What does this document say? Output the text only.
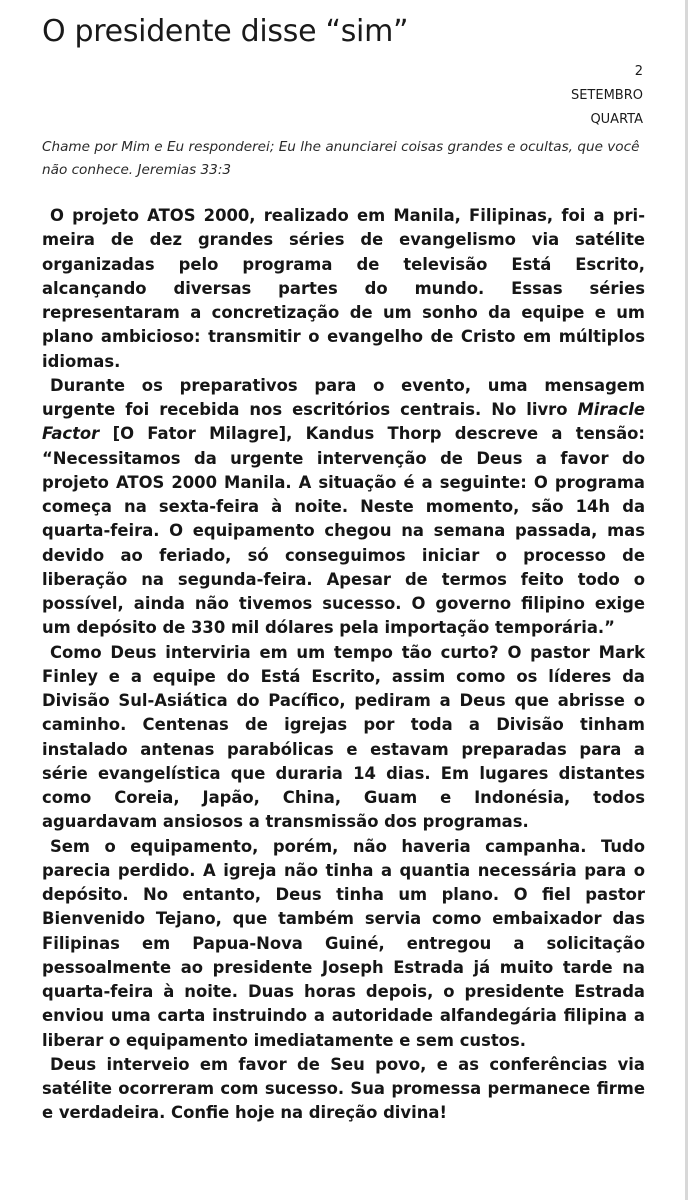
O presidente disse “sim”
2
SETEMBRO
QUARTA

Chame por Mim e Eu responderei; Eu lhe anunciarei coisas grandes e ocultas, que você não conhece. Jeremias 33:3

O projeto ATOS 2000, realizado em Manila, Filipinas, foi a primeira de dez grandes séries de evangelismo via satélite organizadas pelo programa de televisão Está Escrito, alcançando diversas partes do mundo. Essas séries representaram a concretização de um sonho da equipe e um plano ambicioso: transmitir o evangelho de Cristo em múltiplos idiomas.

Durante os preparativos para o evento, uma mensagem urgente foi recebida nos escritórios centrais. No livro Miracle Factor [O Fator Milagre], Kandus Thorp descreve a tensão: “Necessitamos da urgente intervenção de Deus a favor do projeto ATOS 2000 Manila. A situação é a seguinte: O programa começa na sexta-feira à noite. Neste momento, são 14h da quarta-feira. O equipamento chegou na semana passada, mas devido ao feriado, só conseguimos iniciar o processo de liberação na segunda-feira. Apesar de termos feito todo o possível, ainda não tivemos sucesso. O governo filipino exige um depósito de 330 mil dólares pela importação temporária.”

Como Deus interviria em um tempo tão curto? O pastor Mark Finley e a equipe do Está Escrito, assim como os líderes da Divisão Sul-Asiática do Pacífico, pediram a Deus que abrisse o caminho. Centenas de igrejas por toda a Divisão tinham instalado antenas parabólicas e estavam preparadas para a série evangelística que duraria 14 dias. Em lugares distantes como Coreia, Japão, China, Guam e Indonésia, todos aguardavam ansiosos a transmissão dos programas.

Sem o equipamento, porém, não haveria campanha. Tudo parecia perdido. A igreja não tinha a quantia necessária para o depósito. No entanto, Deus tinha um plano. O fiel pastor Bienvenido Tejano, que também servia como embaixador das Filipinas em Papua-Nova Guiné, entregou a solicitação pessoalmente ao presidente Joseph Estrada já muito tarde na quarta-feira à noite. Duas horas depois, o presidente Estrada enviou uma carta instruindo a autoridade alfandegária filipina a liberar o equipamento imediatamente e sem custos.

Deus interveio em favor de Seu povo, e as conferências via satélite ocorreram com sucesso. Sua promessa permanece firme e verdadeira. Confie hoje na direção divina!
